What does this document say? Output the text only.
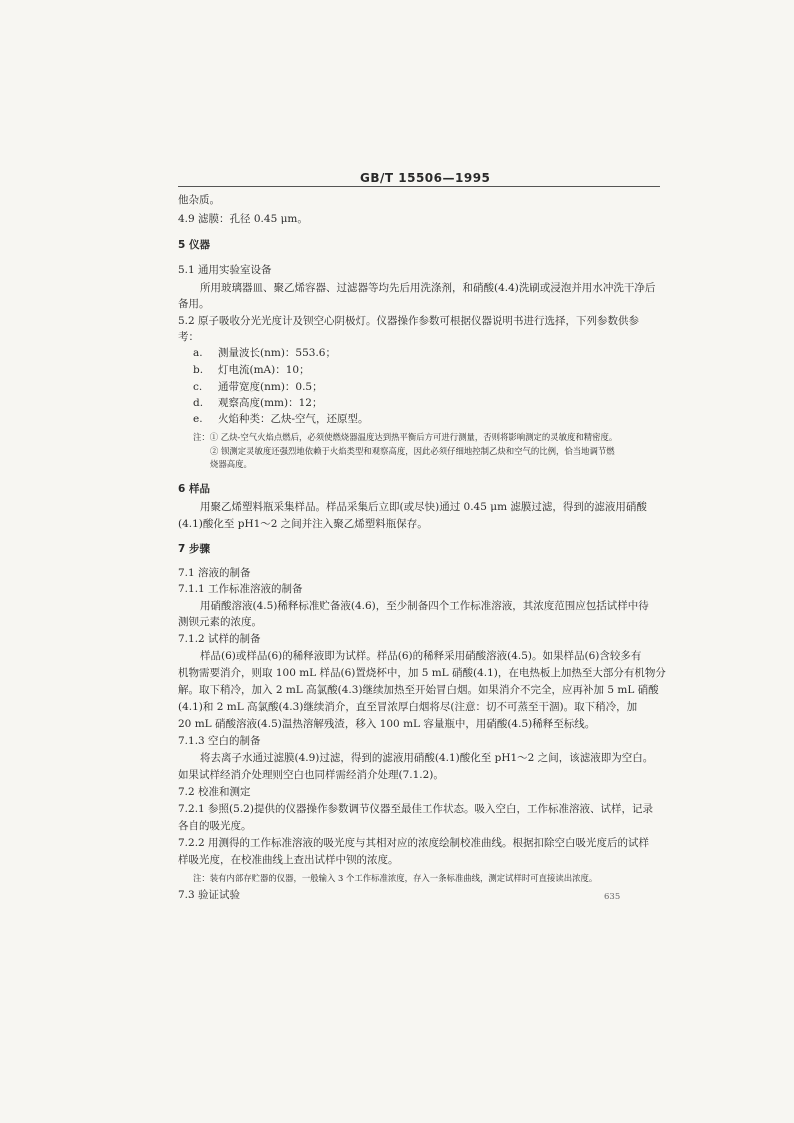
GB/T 15506—1995
他杂质。
4.9 滤膜：孔径 0.45 μm。
5 仪器
5.1 通用实验室设备
所用玻璃器皿、聚乙烯容器、过滤器等均先后用洗涤剂，和硝酸(4.4)洗刷或浸泡并用水冲洗干净后
备用。
5.2 原子吸收分光光度计及钡空心阴极灯。仪器操作参数可根据仪器说明书进行选择，下列参数供参
考：
a. 测量波长(nm)：553.6；
b. 灯电流(mA)：10；
c. 通带宽度(nm)：0.5；
d. 观察高度(mm)：12；
e. 火焰种类：乙炔-空气，还原型。
注：① 乙炔-空气火焰点燃后，必须使燃烧器温度达到热平衡后方可进行测量，否则将影响测定的灵敏度和精密度。
② 钡测定灵敏度还强烈地依赖于火焰类型和观察高度，因此必须仔细地控制乙炔和空气的比例，恰当地调节燃
烧器高度。
6 样品
用聚乙烯塑料瓶采集样品。样品采集后立即(或尽快)通过 0.45 μm 滤膜过滤，得到的滤液用硝酸
(4.1)酸化至 pH1～2 之间并注入聚乙烯塑料瓶保存。
7 步骤
7.1 溶液的制备
7.1.1 工作标准溶液的制备
用硝酸溶液(4.5)稀释标准贮备液(4.6)，至少制备四个工作标准溶液，其浓度范围应包括试样中待
测钡元素的浓度。
7.1.2 试样的制备
样品(6)或样品(6)的稀释液即为试样。样品(6)的稀释采用硝酸溶液(4.5)。如果样品(6)含较多有
机物需要消介，则取 100 mL 样品(6)置烧杯中，加 5 mL 硝酸(4.1)，在电热板上加热至大部分有机物分
解。取下稍冷，加入 2 mL 高氯酸(4.3)继续加热至开始冒白烟。如果消介不完全，应再补加 5 mL 硝酸
(4.1)和 2 mL 高氯酸(4.3)继续消介，直至冒浓厚白烟将尽(注意：切不可蒸至干涸)。取下稍冷，加
20 mL 硝酸溶液(4.5)温热溶解残渣，移入 100 mL 容量瓶中，用硝酸(4.5)稀释至标线。
7.1.3 空白的制备
将去离子水通过滤膜(4.9)过滤，得到的滤液用硝酸(4.1)酸化至 pH1～2 之间，该滤液即为空白。
如果试样经消介处理则空白也同样需经消介处理(7.1.2)。
7.2 校准和测定
7.2.1 参照(5.2)提供的仪器操作参数调节仪器至最佳工作状态。吸入空白，工作标准溶液、试样，记录
各自的吸光度。
7.2.2 用测得的工作标准溶液的吸光度与其相对应的浓度绘制校准曲线。根据扣除空白吸光度后的试样
样吸光度，在校准曲线上查出试样中钡的浓度。
注：装有内部存贮器的仪器，一般输入 3 个工作标准浓度，存入一条标准曲线，测定试样时可直接读出浓度。
7.3 验证试验	635
